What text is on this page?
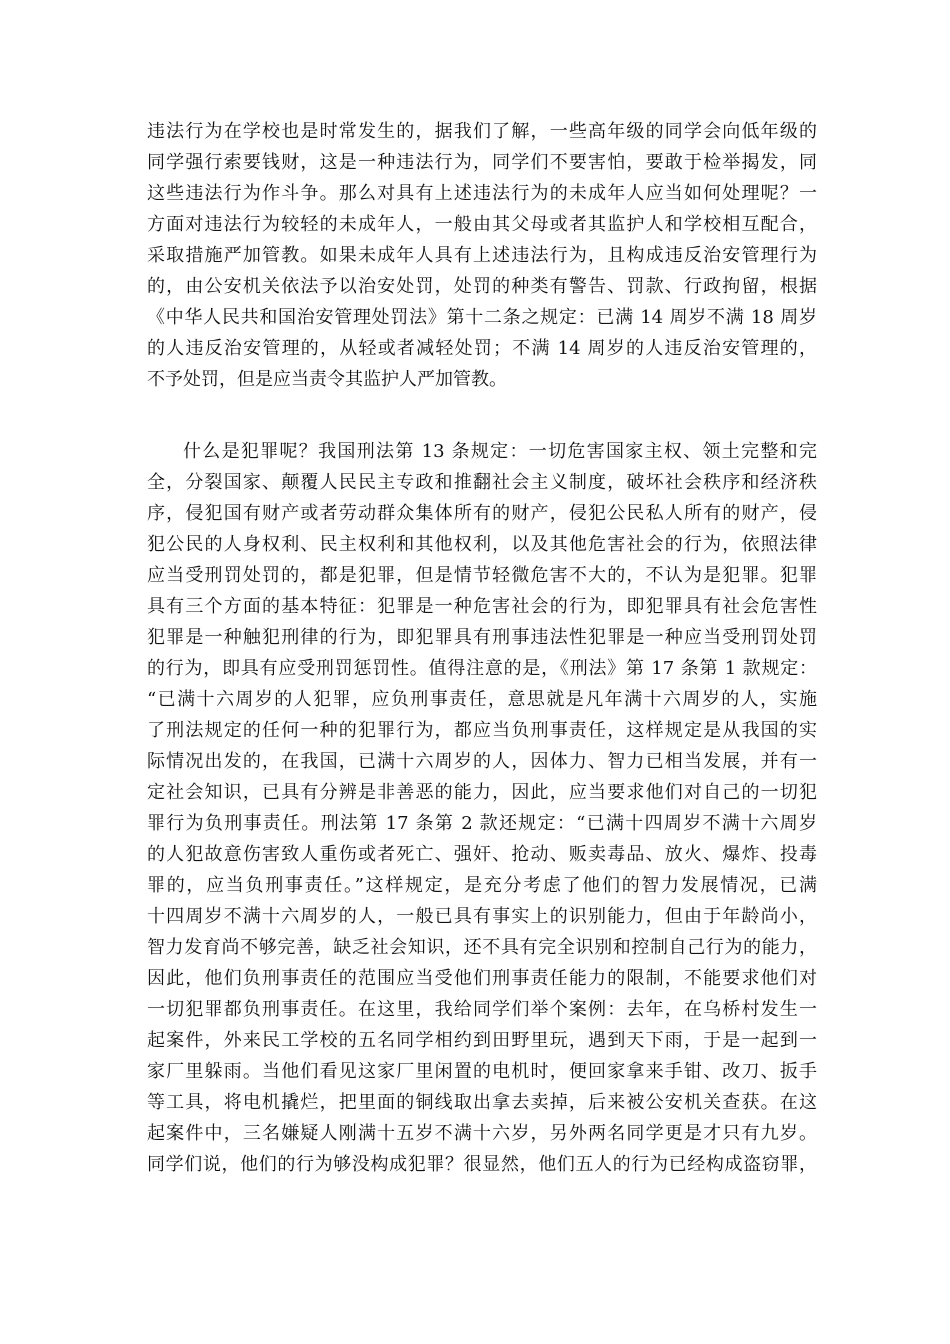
违法行为在学校也是时常发生的，据我们了解，一些高年级的同学会向低年级的
同学强行索要钱财，这是一种违法行为，同学们不要害怕，要敢于检举揭发，同
这些违法行为作斗争。那么对具有上述违法行为的未成年人应当如何处理呢？一
方面对违法行为较轻的未成年人，一般由其父母或者其监护人和学校相互配合，
采取措施严加管教。如果未成年人具有上述违法行为，且构成违反治安管理行为
的，由公安机关依法予以治安处罚，处罚的种类有警告、罚款、行政拘留，根据
《中华人民共和国治安管理处罚法》第十二条之规定：已满 14 周岁不满 18 周岁
的人违反治安管理的，从轻或者减轻处罚；不满 14 周岁的人违反治安管理的，
不予处罚，但是应当责令其监护人严加管教。
什么是犯罪呢？我国刑法第 13 条规定：一切危害国家主权、领土完整和完
全，分裂国家、颠覆人民民主专政和推翻社会主义制度，破坏社会秩序和经济秩
序，侵犯国有财产或者劳动群众集体所有的财产，侵犯公民私人所有的财产，侵
犯公民的人身权利、民主权利和其他权利，以及其他危害社会的行为，依照法律
应当受刑罚处罚的，都是犯罪，但是情节轻微危害不大的，不认为是犯罪。犯罪
具有三个方面的基本特征：犯罪是一种危害社会的行为，即犯罪具有社会危害性
犯罪是一种触犯刑律的行为，即犯罪具有刑事违法性犯罪是一种应当受刑罚处罚
的行为，即具有应受刑罚惩罚性。值得注意的是，《刑法》第 17 条第 1 款规定：
“已满十六周岁的人犯罪，应负刑事责任，意思就是凡年满十六周岁的人，实施
了刑法规定的任何一种的犯罪行为，都应当负刑事责任，这样规定是从我国的实
际情况出发的，在我国，已满十六周岁的人，因体力、智力已相当发展，并有一
定社会知识，已具有分辨是非善恶的能力，因此，应当要求他们对自己的一切犯
罪行为负刑事责任。刑法第 17 条第 2 款还规定：“已满十四周岁不满十六周岁
的人犯故意伤害致人重伤或者死亡、强奸、抢动、贩卖毒品、放火、爆炸、投毒
罪的，应当负刑事责任。”这样规定，是充分考虑了他们的智力发展情况，已满
十四周岁不满十六周岁的人，一般已具有事实上的识别能力，但由于年龄尚小，
智力发育尚不够完善，缺乏社会知识，还不具有完全识别和控制自己行为的能力，
因此，他们负刑事责任的范围应当受他们刑事责任能力的限制，不能要求他们对
一切犯罪都负刑事责任。在这里，我给同学们举个案例：去年，在乌桥村发生一
起案件，外来民工学校的五名同学相约到田野里玩，遇到天下雨，于是一起到一
家厂里躲雨。当他们看见这家厂里闲置的电机时，便回家拿来手钳、改刀、扳手
等工具，将电机撬烂，把里面的铜线取出拿去卖掉，后来被公安机关查获。在这
起案件中，三名嫌疑人刚满十五岁不满十六岁，另外两名同学更是才只有九岁。
同学们说，他们的行为够没构成犯罪？很显然，他们五人的行为已经构成盗窃罪，
